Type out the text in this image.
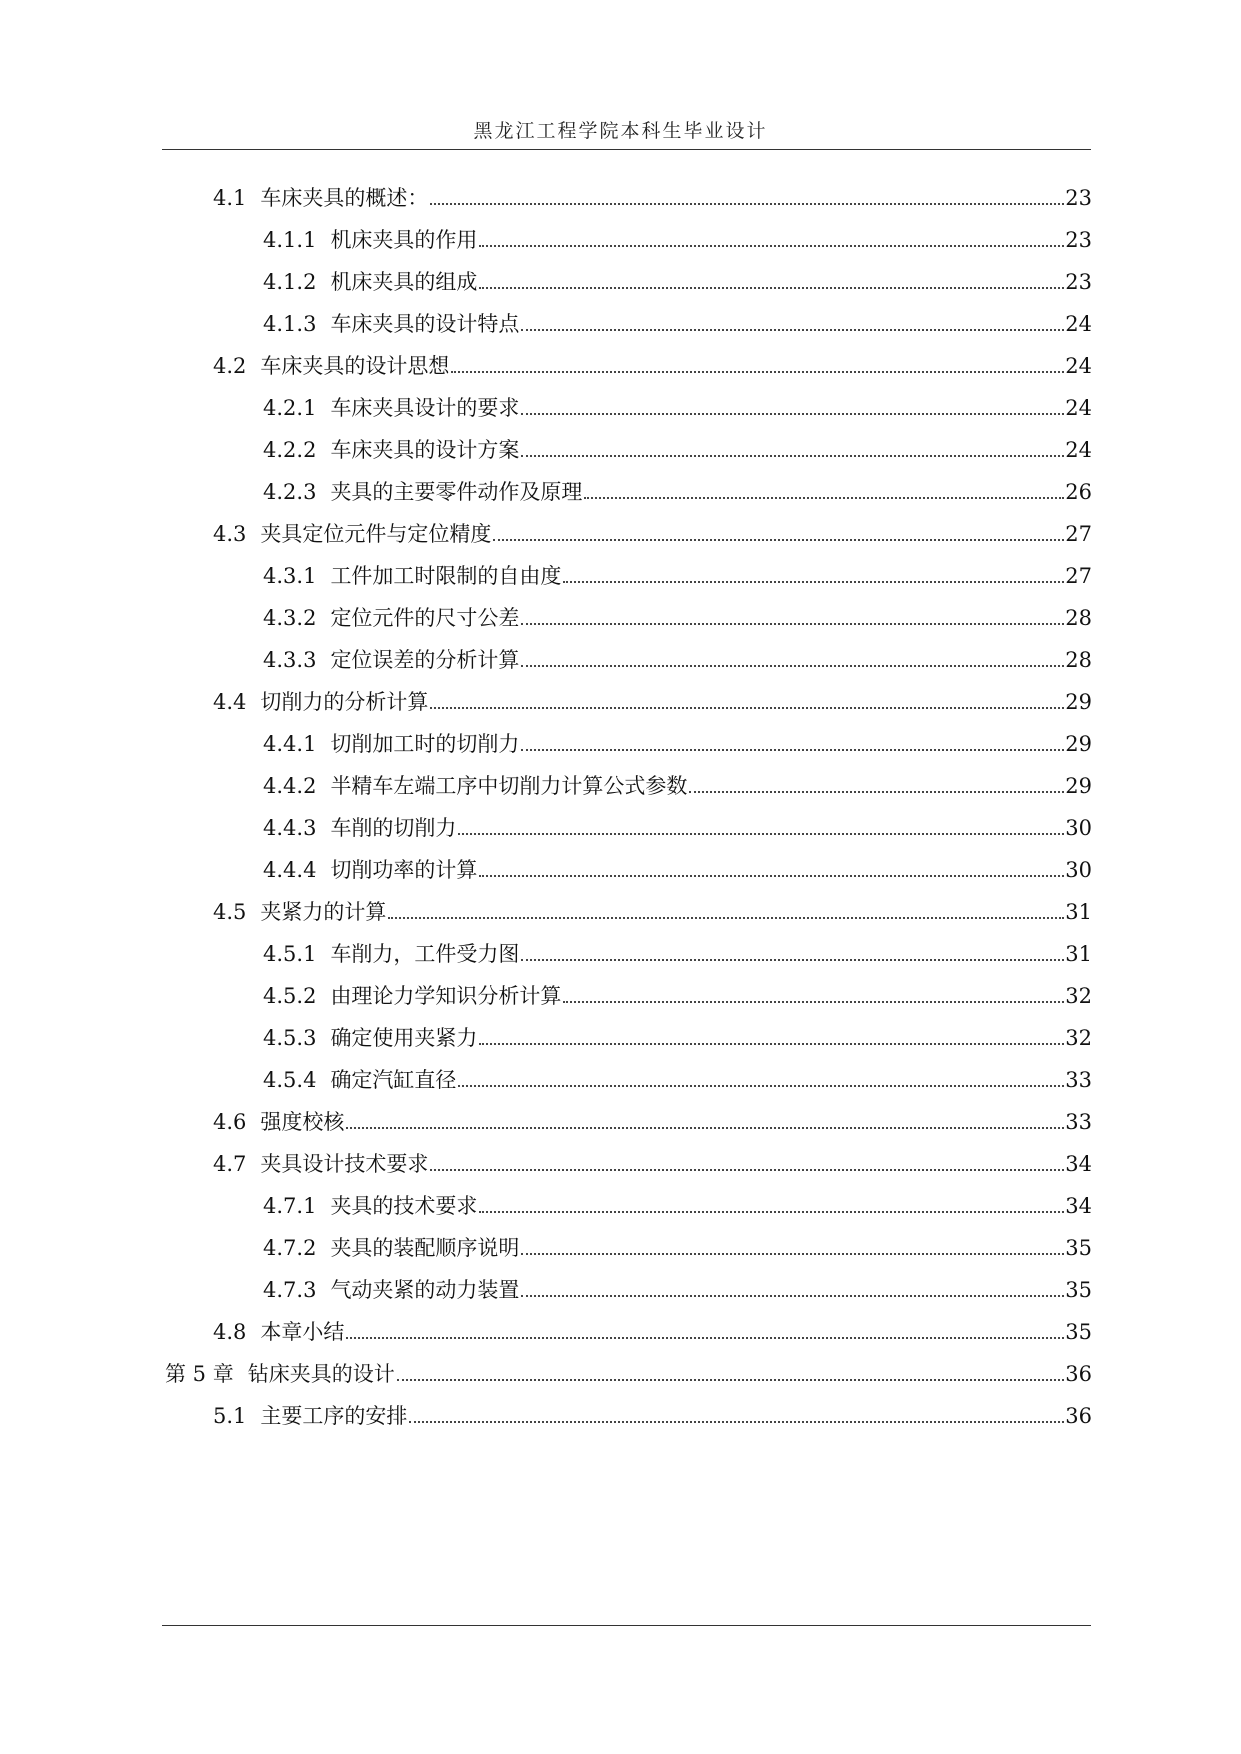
黑龙江工程学院本科生毕业设计
4.1 车床夹具的概述：	23
4.1.1 机床夹具的作用	23
4.1.2 机床夹具的组成	23
4.1.3 车床夹具的设计特点	24
4.2 车床夹具的设计思想	24
4.2.1 车床夹具设计的要求	24
4.2.2 车床夹具的设计方案	24
4.2.3 夹具的主要零件动作及原理	26
4.3 夹具定位元件与定位精度	27
4.3.1 工件加工时限制的自由度	27
4.3.2 定位元件的尺寸公差	28
4.3.3 定位误差的分析计算	28
4.4 切削力的分析计算	29
4.4.1 切削加工时的切削力	29
4.4.2 半精车左端工序中切削力计算公式参数	29
4.4.3 车削的切削力	30
4.4.4 切削功率的计算	30
4.5 夹紧力的计算	31
4.5.1 车削力，工件受力图	31
4.5.2 由理论力学知识分析计算	32
4.5.3 确定使用夹紧力	32
4.5.4 确定汽缸直径	33
4.6 强度校核	33
4.7 夹具设计技术要求	34
4.7.1 夹具的技术要求	34
4.7.2 夹具的装配顺序说明	35
4.7.3 气动夹紧的动力装置	35
4.8 本章小结	35
第 5 章 钻床夹具的设计	36
5.1 主要工序的安排	36
